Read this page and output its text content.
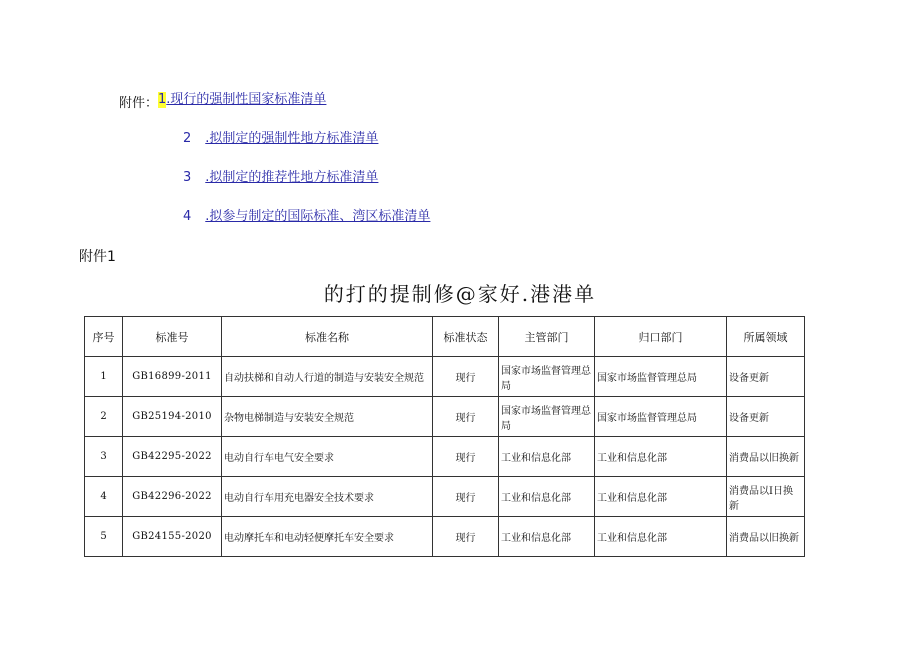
附件： 1.现行的强制性国家标准清单
2 .拟制定的强制性地方标准清单
3 .拟制定的推荐性地方标准清单
4 .拟参与制定的国际标准、湾区标准清单
附件1
的打的提制修@家好.港港单
序号	标准号	标准名称	标准状态	主管部门	归口部门	所属领域
1	GB16899-2011	自动扶梯和自动人行道的制造与安装安全规范	现行	国家市场监督管理总局	国家市场监督管理总局	设备更新
2	GB25194-2010	杂物电梯制造与安装安全规范	现行	国家市场监督管理总局	国家市场监督管理总局	设备更新
3	GB42295-2022	电动自行车电气安全要求	现行	工业和信息化部	工业和信息化部	消费品以旧换新
4	GB42296-2022	电动自行车用充电器安全技术要求	现行	工业和信息化部	工业和信息化部	消费品以I日换新
5	GB24155-2020	电动摩托车和电动轻便摩托车安全要求	现行	工业和信息化部	工业和信息化部	消费品以旧换新
